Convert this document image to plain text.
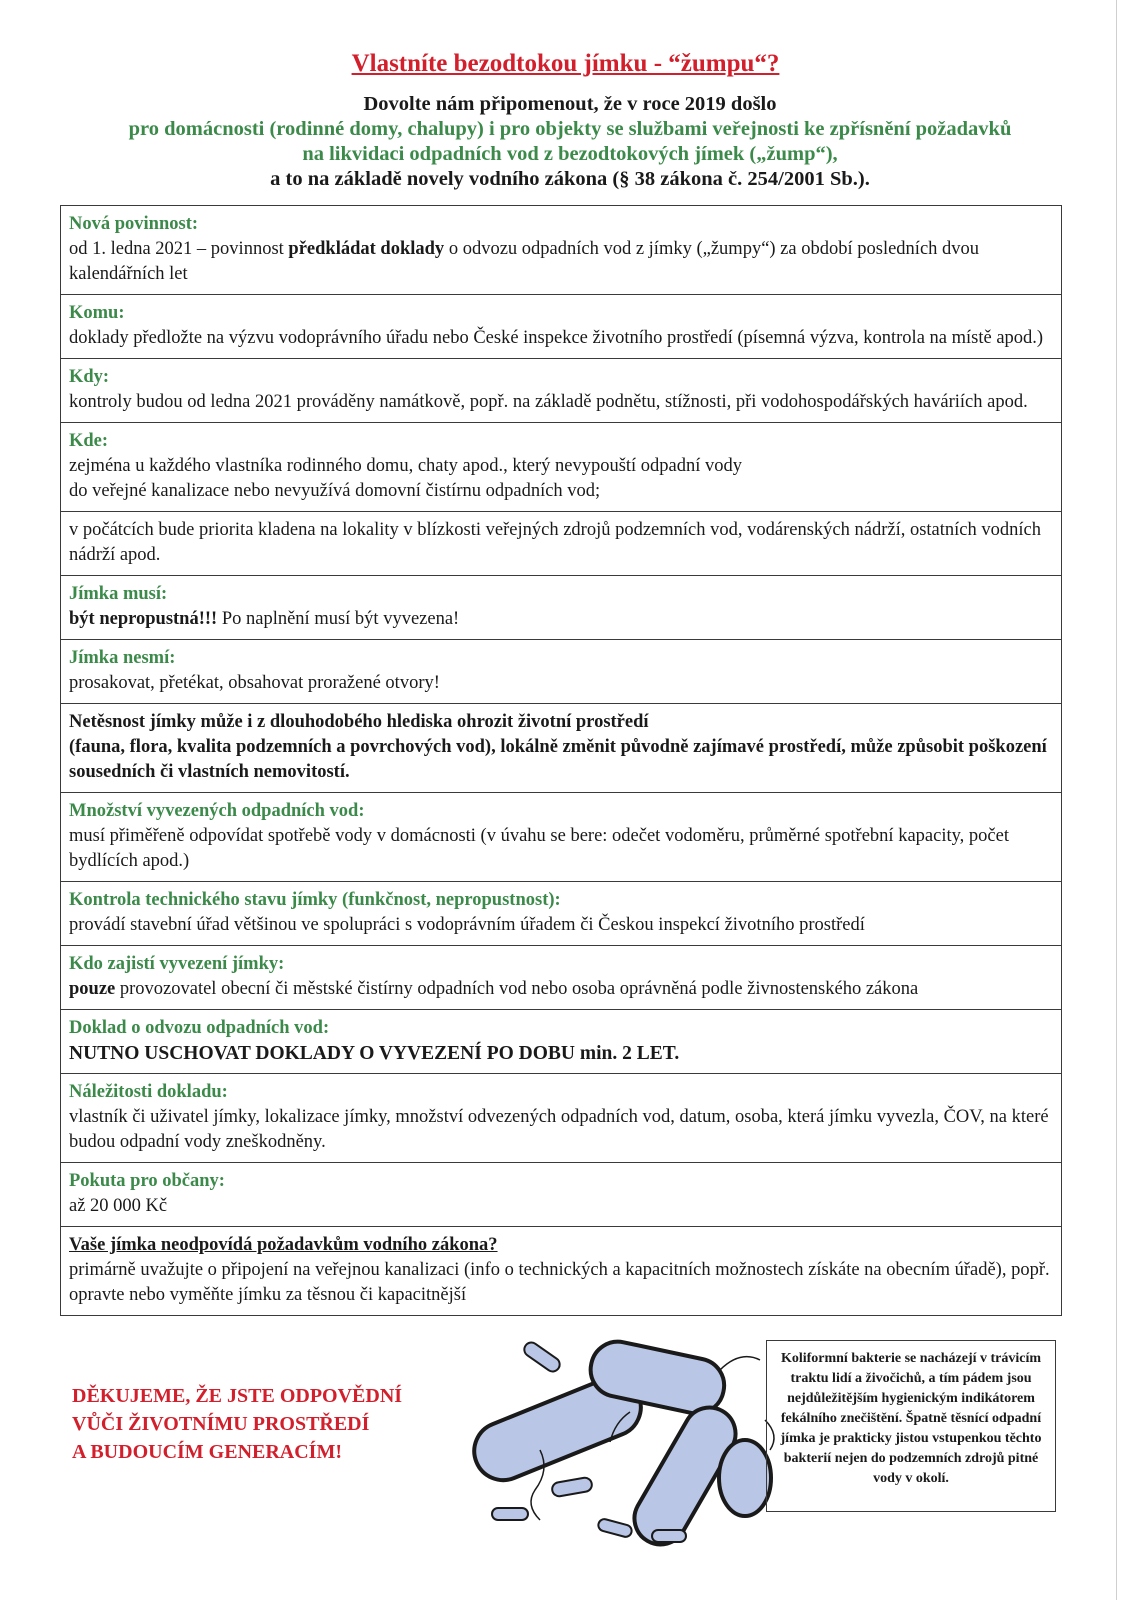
Vlastníte bezodtokou jímku - “žumpu“?
Dovolte nám připomenout, že v roce 2019 došlo
pro domácnosti (rodinné domy, chalupy) i pro objekty se službami veřejnosti ke zpřísnění požadavků
na likvidaci odpadních vod z bezodtokových jímek („žump“),
a to na základě novely vodního zákona (§ 38 zákona č. 254/2001 Sb.).
Nová povinnost:
od 1. ledna 2021 – povinnost předkládat doklady o odvozu odpadních vod z jímky („žumpy“) za období posledních dvou kalendářních let
Komu:
doklady předložte na výzvu vodoprávního úřadu nebo České inspekce životního prostředí (písemná výzva, kontrola na místě apod.)
Kdy:
kontroly budou od ledna 2021 prováděny namátkově, popř. na základě podnětu, stížnosti, při vodohospodářských haváriích apod.
Kde:
zejména u každého vlastníka rodinného domu, chaty apod., který nevypouští odpadní vody
do veřejné kanalizace nebo nevyužívá domovní čistírnu odpadních vod;
v počátcích bude priorita kladena na lokality v blízkosti veřejných zdrojů podzemních vod, vodárenských nádrží, ostatních vodních nádrží apod.
Jímka musí:
být nepropustná!!! Po naplnění musí být vyvezena!
Jímka nesmí:
prosakovat, přetékat, obsahovat proražené otvory!
Netěsnost jímky může i z dlouhodobého hlediska ohrozit životní prostředí
(fauna, flora, kvalita podzemních a povrchových vod), lokálně změnit původně zajímavé prostředí, může způsobit poškození sousedních či vlastních nemovitostí.
Množství vyvezených odpadních vod:
musí přiměřeně odpovídat spotřebě vody v domácnosti (v úvahu se bere: odečet vodoměru, průměrné spotřební kapacity, počet bydlících apod.)
Kontrola technického stavu jímky (funkčnost, nepropustnost):
provádí stavební úřad většinou ve spolupráci s vodoprávním úřadem či Českou inspekcí životního prostředí
Kdo zajistí vyvezení jímky:
pouze provozovatel obecní či městské čistírny odpadních vod nebo osoba oprávněná podle živnostenského zákona
Doklad o odvozu odpadních vod:
NUTNO USCHOVAT DOKLADY O VYVEZENÍ PO DOBU min. 2 LET.
Náležitosti dokladu:
vlastník či uživatel jímky, lokalizace jímky, množství odvezených odpadních vod, datum, osoba, která jímku vyvezla, ČOV, na které budou odpadní vody zneškodněny.
Pokuta pro občany:
až 20 000 Kč
Vaše jímka neodpovídá požadavkům vodního zákona?
primárně uvažujte o připojení na veřejnou kanalizaci (info o technických a kapacitních možnostech získáte na obecním úřadě), popř. opravte nebo vyměňte jímku za těsnou či kapacitnější
DĚKUJEME, ŽE JSTE ODPOVĚDNÍ
VŮČI ŽIVOTNÍMU PROSTŘEDÍ
A BUDOUCÍM GENERACÍM!
Koliformní bakterie se nacházejí v trávicím traktu lidí a živočichů, a tím pádem jsou nejdůležitějším hygienickým indikátorem fekálního znečištění. Špatně těsnící odpadní jímka je prakticky jistou vstupenkou těchto bakterií nejen do podzemních zdrojů pitné vody v okolí.
